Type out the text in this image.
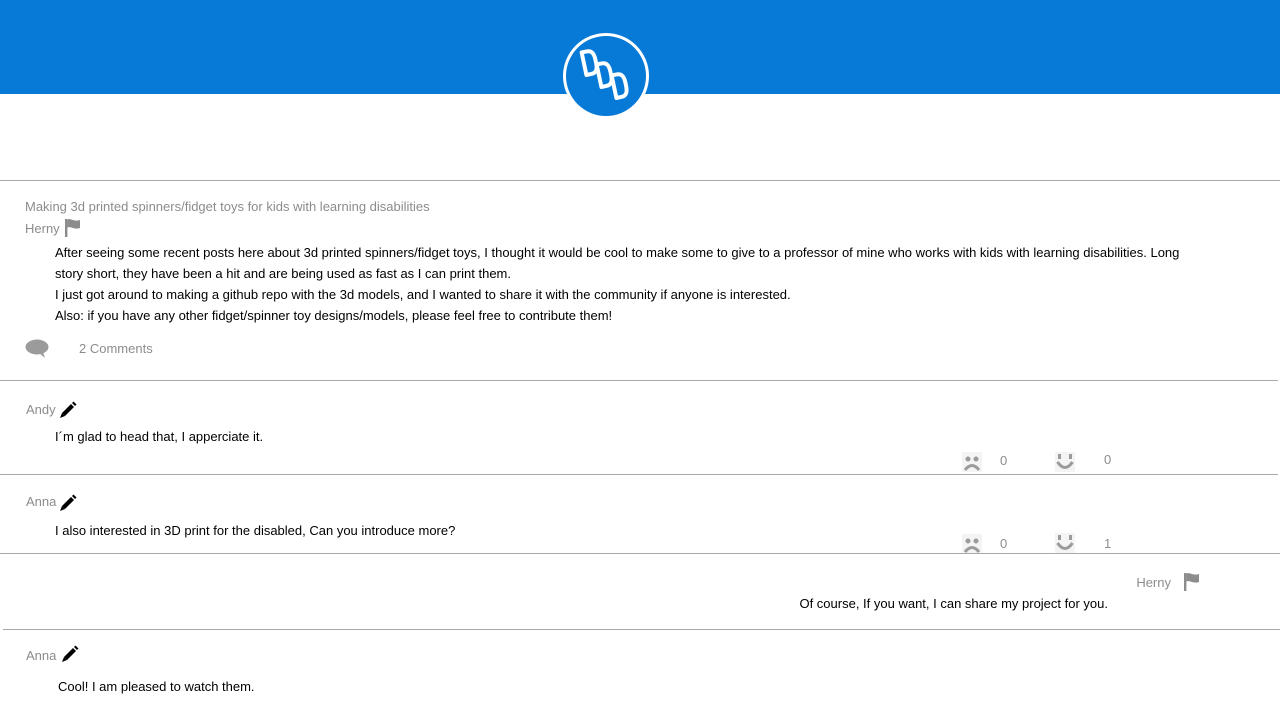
Making 3d printed spinners/fidget toys for kids with learning disabilities
Herny

After seeing some recent posts here about 3d printed spinners/fidget toys, I thought it would be cool to make some to give to a professor of mine who works with kids with learning disabilities. Long story short, they have been a hit and are being used as fast as I can print them.

I just got around to making a github repo with the 3d models, and I wanted to share it with the community if anyone is interested.

Also: if you have any other fidget/spinner toy designs/models, please feel free to contribute them!

2 Comments
Andy
I´m glad to head that, I apperciate it.
0	0
Anna
I also interested in 3D print for the disabled, Can you introduce more?
0	1
Herny
Of course, If you want, I can share my project for you.
Anna
Cool! I am pleased to watch them.
